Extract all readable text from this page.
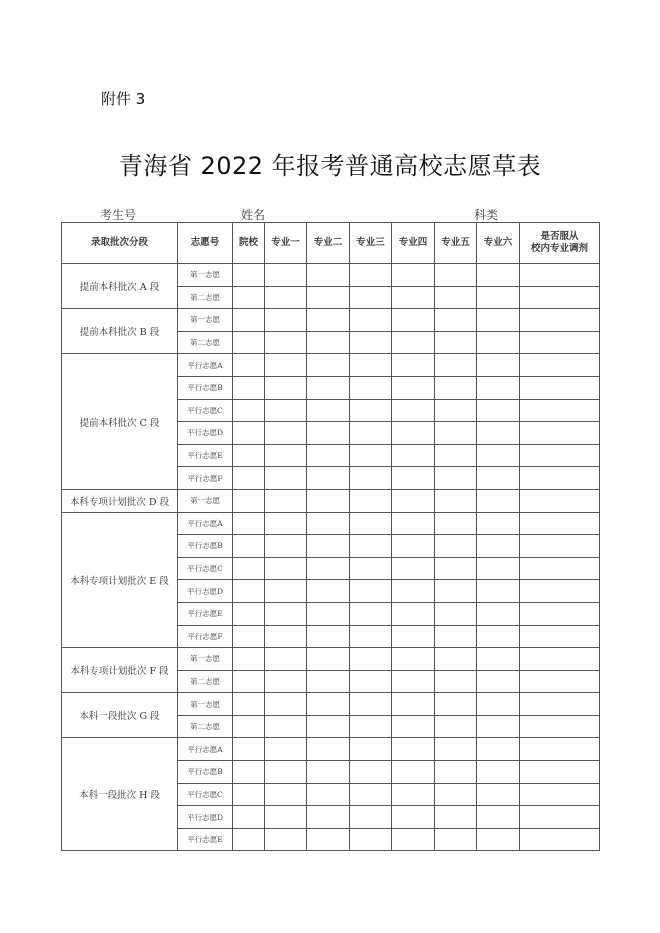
附件 3
青海省 2022 年报考普通高校志愿草表
考生号	姓名	科类
录取批次分段	志愿号	院校	专业一	专业二	专业三	专业四	专业五	专业六	是否服从
校内专业调剂
提前本科批次 A 段	第一志愿								
	第二志愿								
提前本科批次 B 段	第一志愿								
	第二志愿								
提前本科批次 C 段	平行志愿A								
	平行志愿B								
	平行志愿C								
	平行志愿D								
	平行志愿E								
	平行志愿F								
本科专项计划批次 D 段	第一志愿								
本科专项计划批次 E 段	平行志愿A								
	平行志愿B								
	平行志愿C								
	平行志愿D								
	平行志愿E								
	平行志愿F								
本科专项计划批次 F 段	第一志愿								
	第二志愿								
本科一段批次 G 段	第一志愿								
	第二志愿								
本科一段批次 H 段	平行志愿A								
	平行志愿B								
	平行志愿C								
	平行志愿D								
	平行志愿E								
